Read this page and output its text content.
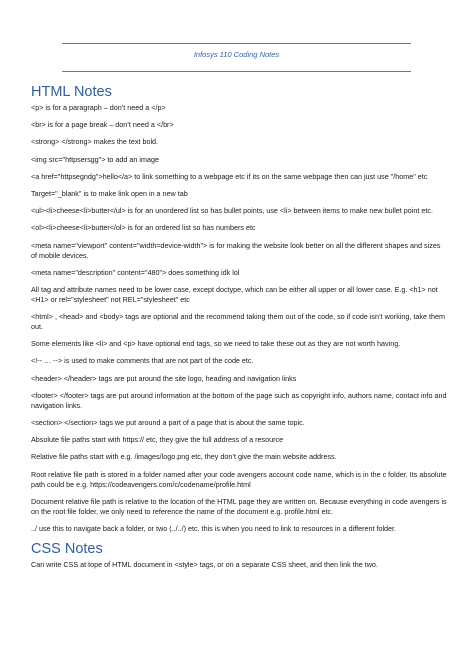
Infosys 110 Coding Notes
HTML Notes

<p> is for a paragraph – don’t need a </p>

<br> is for a page break – don’t need a </br>

<strong> </strong> makes the text bold.

<img src="httpsersgg"> to add an image

<a href="httpsegndg">hello</a> to link something to a webpage etc if its on the same webpage then can just use "/home" etc

Target="_blank" is to make link open in a new tab

<ul><li>cheese<li>butter</ul> is for an unordered list so has bullet points, use <li> between items to make new bullet point etc.

<ol><li>cheese<li>butter</ol> is for an ordered list so has numbers etc

<meta name="viewport" content="width=device-width"> is for making the website look better on all the different shapes and sizes of mobile devices.

<meta name="description" content="480"> does something idk lol

All tag and attribute names need to be lower case, except doctype, which can be either all upper or all lower case. E.g. <h1> not <H1> or rel="stylesheet" not REL="stylesheet" etc

<html> , <head> and <body> tags are optional and the recommend taking them out of the code, so if code isn’t working, take them out.

Some elements like <li> and <p> have optional end tags, so we need to take these out as they are not worth having.

<!-- … --> is used to make comments that are not part of the code etc.

<header> </header> tags are put around the site logo, heading and navigation links

<footer> </footer> tags are put around information at the bottom of the page such as copyright info, authors name, contact info and navigation links.

<section> </section> tags we put around a part of a page that is about the same topic.

Absolute file paths start with https:// etc, they give the full address of a resource

Relative file paths start with e.g. /images/logo.png etc, they don’t give the main website address.

Root relative file path is stored in a folder named after your code avengers account code name, which is in the c folder. Its absolute path could be e.g. https://codeavengers.com/c/codename/profile.html

Document relative file path is relative to the location of the HTML page they are written on. Because everything in code avengers is on the root file folder, we only need to reference the name of the document e.g. profile.html etc.

../ use this to navigate back a folder, or two (../../) etc. this is when you need to link to resources in a different folder.

CSS Notes

Can write CSS at tope of HTML document in <style> tags, or on a separate CSS sheet, and then link the two.
